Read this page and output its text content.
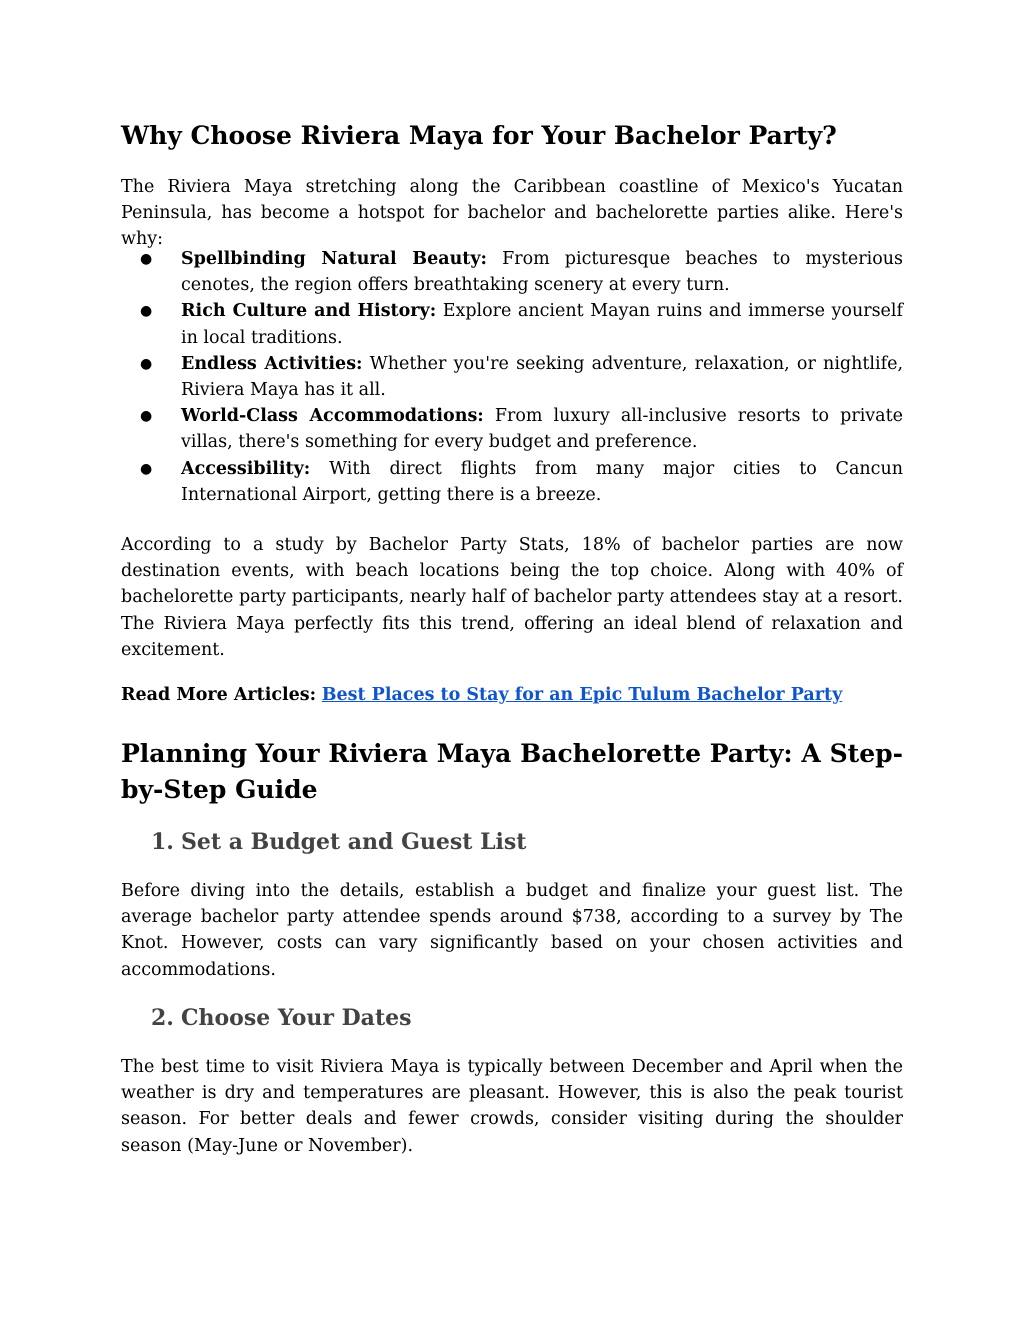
Why Choose Riviera Maya for Your Bachelor Party?

The Riviera Maya stretching along the Caribbean coastline of Mexico's Yucatan Peninsula, has become a hotspot for bachelor and bachelorette parties alike. Here's why:

● Spellbinding Natural Beauty: From picturesque beaches to mysterious cenotes, the region offers breathtaking scenery at every turn.
● Rich Culture and History: Explore ancient Mayan ruins and immerse yourself in local traditions.
● Endless Activities: Whether you're seeking adventure, relaxation, or nightlife, Riviera Maya has it all.
● World-Class Accommodations: From luxury all-inclusive resorts to private villas, there's something for every budget and preference.
● Accessibility: With direct flights from many major cities to Cancun International Airport, getting there is a breeze.

According to a study by Bachelor Party Stats, 18% of bachelor parties are now destination events, with beach locations being the top choice. Along with 40% of bachelorette party participants, nearly half of bachelor party attendees stay at a resort. The Riviera Maya perfectly fits this trend, offering an ideal blend of relaxation and excitement.

Read More Articles: Best Places to Stay for an Epic Tulum Bachelor Party

Planning Your Riviera Maya Bachelorette Party: A Step-by-Step Guide
1. Set a Budget and Guest List

Before diving into the details, establish a budget and finalize your guest list. The average bachelor party attendee spends around $738, according to a survey by The Knot. However, costs can vary significantly based on your chosen activities and accommodations.

2. Choose Your Dates

The best time to visit Riviera Maya is typically between December and April when the weather is dry and temperatures are pleasant. However, this is also the peak tourist season. For better deals and fewer crowds, consider visiting during the shoulder season (May-June or November).
